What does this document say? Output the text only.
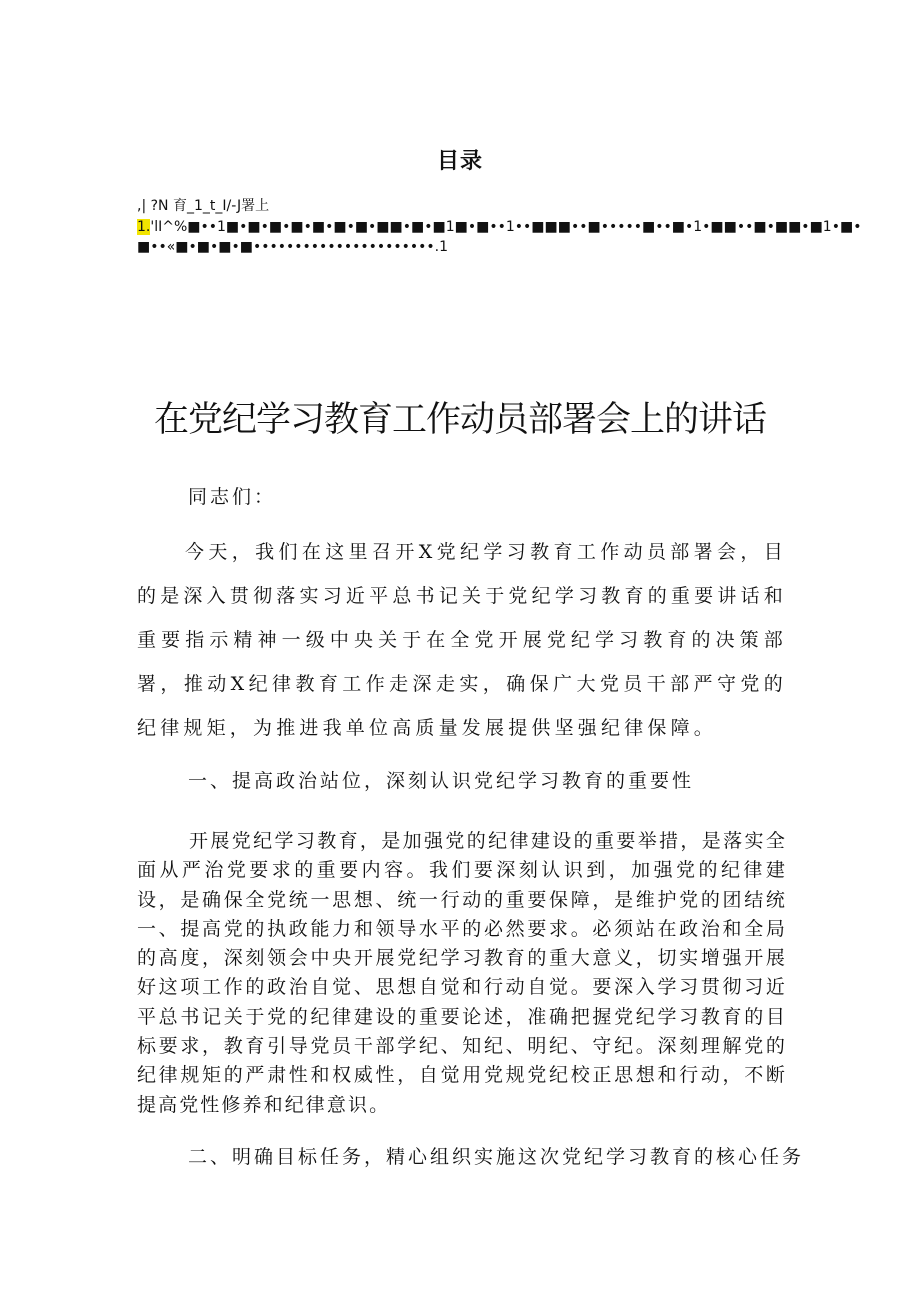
目录
,| ?N 育_1_t_I/-J署上
1.'lI^%■••1■•■•■•■•■•■•■•■■•■•■1■•■••1••■■■••■•••••■••■•1•■■••■•■■•■1•■•
■••«■•■•■•■••••••••••••••••••••••.1
在党纪学习教育工作动员部署会上的讲话
同志们：

今天，我们在这里召开X党纪学习教育工作动员部署会，目的是深入贯彻落实习近平总书记关于党纪学习教育的重要讲话和重要指示精神一级中央关于在全党开展党纪学习教育的决策部署，推动X纪律教育工作走深走实，确保广大党员干部严守党的纪律规矩，为推进我单位高质量发展提供坚强纪律保障。

一、提高政治站位，深刻认识党纪学习教育的重要性

开展党纪学习教育，是加强党的纪律建设的重要举措，是落实全面从严治党要求的重要内容。我们要深刻认识到，加强党的纪律建设，是确保全党统一思想、统一行动的重要保障，是维护党的团结统一、提高党的执政能力和领导水平的必然要求。必须站在政治和全局的高度，深刻领会中央开展党纪学习教育的重大意义，切实增强开展好这项工作的政治自觉、思想自觉和行动自觉。要深入学习贯彻习近平总书记关于党的纪律建设的重要论述，准确把握党纪学习教育的目标要求，教育引导党员干部学纪、知纪、明纪、守纪。深刻理解党的纪律规矩的严肃性和权威性，自觉用党规党纪校正思想和行动，不断提高党性修养和纪律意识。

二、明确目标任务，精心组织实施这次党纪学习教育的核心任务
